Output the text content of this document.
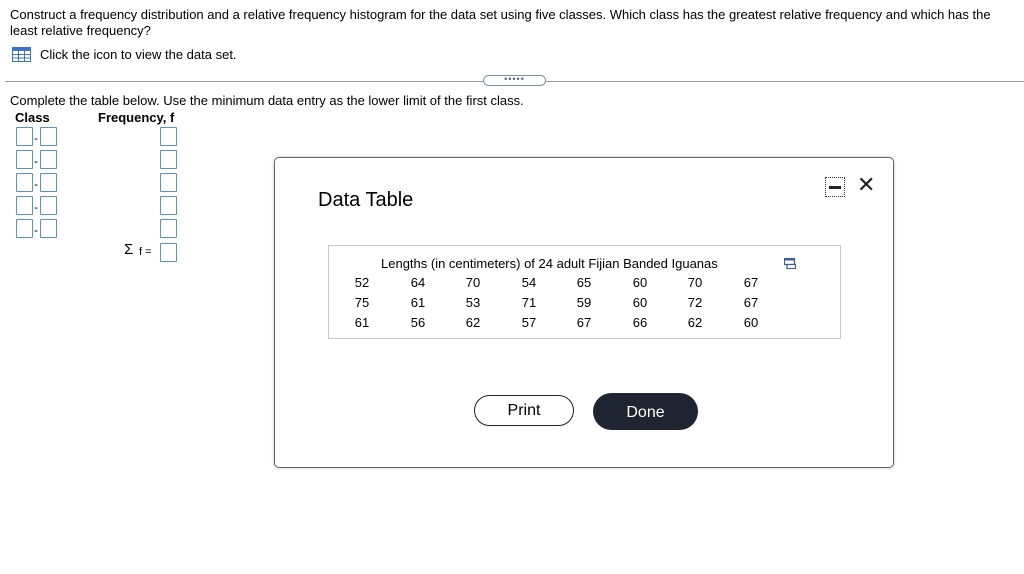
Construct a frequency distribution and a relative frequency histogram for the data set using five classes. Which class has the greatest relative frequency and which has the least relative frequency?

Click the icon to view the data set.
•••••
Complete the table below. Use the minimum data entry as the lower limit of the first class.
Class	Frequency, f
-
-
-
-
-
Σ f =
Data Table
✕
Lengths (in centimeters) of 24 adult Fijian Banded Iguanas
52	64	70	54	65	60	70	67
75	61	53	71	59	60	72	67
61	56	62	57	67	66	62	60
Print	Done
